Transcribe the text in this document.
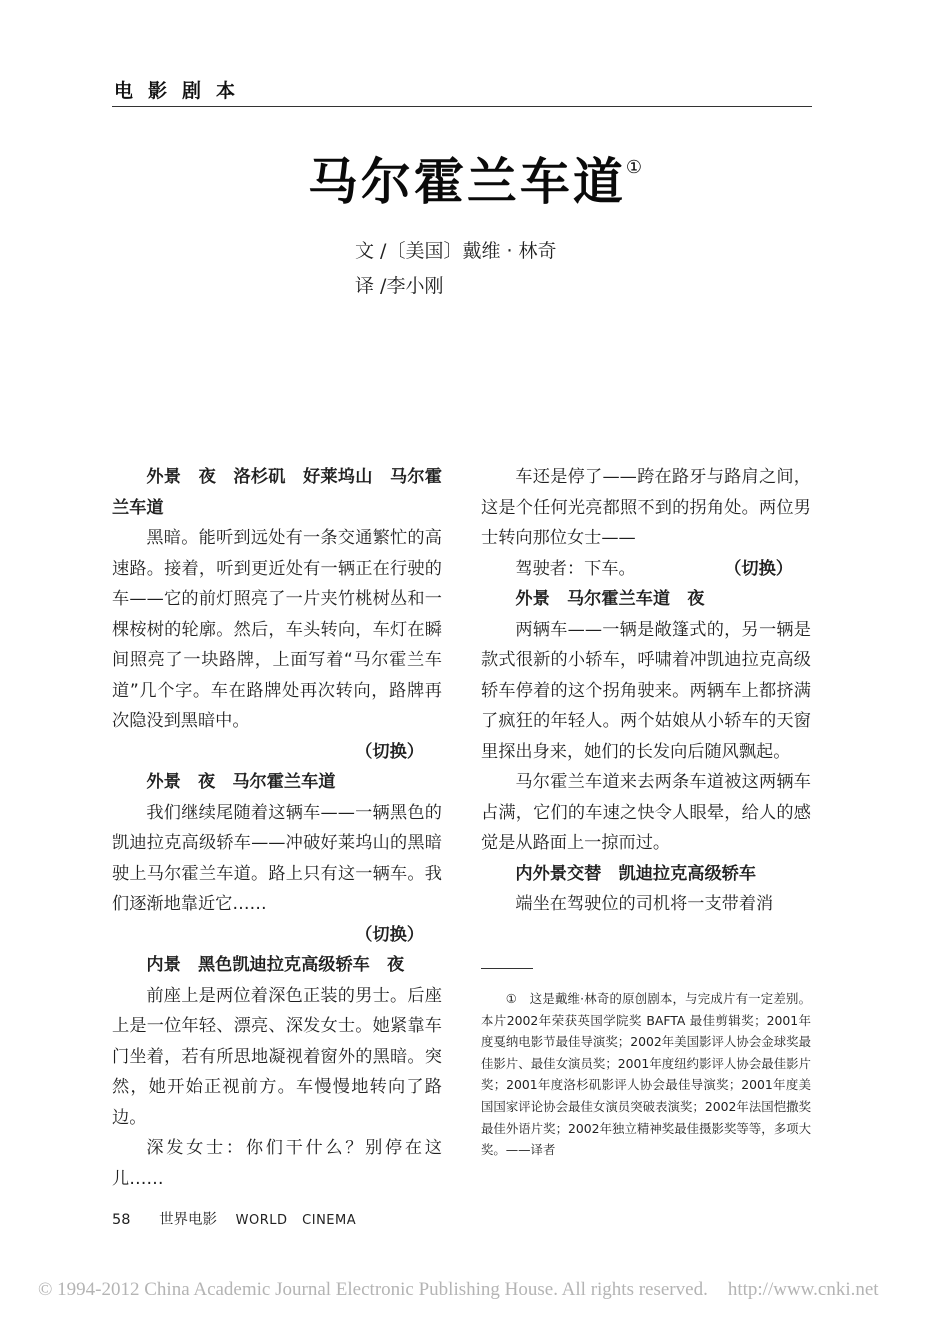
电影剧本
马尔霍兰车道①
文 /〔美国〕戴维 · 林奇
译 /李小刚

外景　夜　洛杉矶　好莱坞山　马尔霍兰车道

黑暗。能听到远处有一条交通繁忙的高速路。接着，听到更近处有一辆正在行驶的车——它的前灯照亮了一片夹竹桃树丛和一棵桉树的轮廓。然后，车头转向，车灯在瞬间照亮了一块路牌，上面写着“马尔霍兰车道”几个字。车在路牌处再次转向，路牌再次隐没到黑暗中。

（切换）

外景　夜　马尔霍兰车道

我们继续尾随着这辆车——一辆黑色的凯迪拉克高级轿车——冲破好莱坞山的黑暗驶上马尔霍兰车道。路上只有这一辆车。我们逐渐地靠近它……

（切换）

内景　黑色凯迪拉克高级轿车　夜

前座上是两位着深色正装的男士。后座上是一位年轻、漂亮、深发女士。她紧靠车门坐着，若有所思地凝视着窗外的黑暗。突然，她开始正视前方。车慢慢地转向了路边。

深发女士：你们干什么？别停在这儿……

车还是停了——跨在路牙与路肩之间，这是个任何光亮都照不到的拐角处。两位男士转向那位女士——

驾驶者：下车。	（切换）

外景　马尔霍兰车道　夜

两辆车——一辆是敞篷式的，另一辆是款式很新的小轿车，呼啸着冲凯迪拉克高级轿车停着的这个拐角驶来。两辆车上都挤满了疯狂的年轻人。两个姑娘从小轿车的天窗里探出身来，她们的长发向后随风飘起。

马尔霍兰车道来去两条车道被这两辆车占满，它们的车速之快令人眼晕，给人的感觉是从路面上一掠而过。

内外景交替　凯迪拉克高级轿车

端坐在驾驶位的司机将一支带着消

①　这是戴维·林奇的原创剧本，与完成片有一定差别。本片2002年荣获英国学院奖 BAFTA 最佳剪辑奖；2001年度戛纳电影节最佳导演奖；2002年美国影评人协会金球奖最佳影片、最佳女演员奖；2001年度纽约影评人协会最佳影片奖；2001年度洛杉矶影评人协会最佳导演奖；2001年度美国国家评论协会最佳女演员突破表演奖；2002年法国恺撒奖最佳外语片奖；2002年独立精神奖最佳摄影奖等等，多项大奖。——译者

58 世界电影 WORLD CINEMA
© 1994-2012 China Academic Journal Electronic Publishing House. All rights reserved. http://www.cnki.net
